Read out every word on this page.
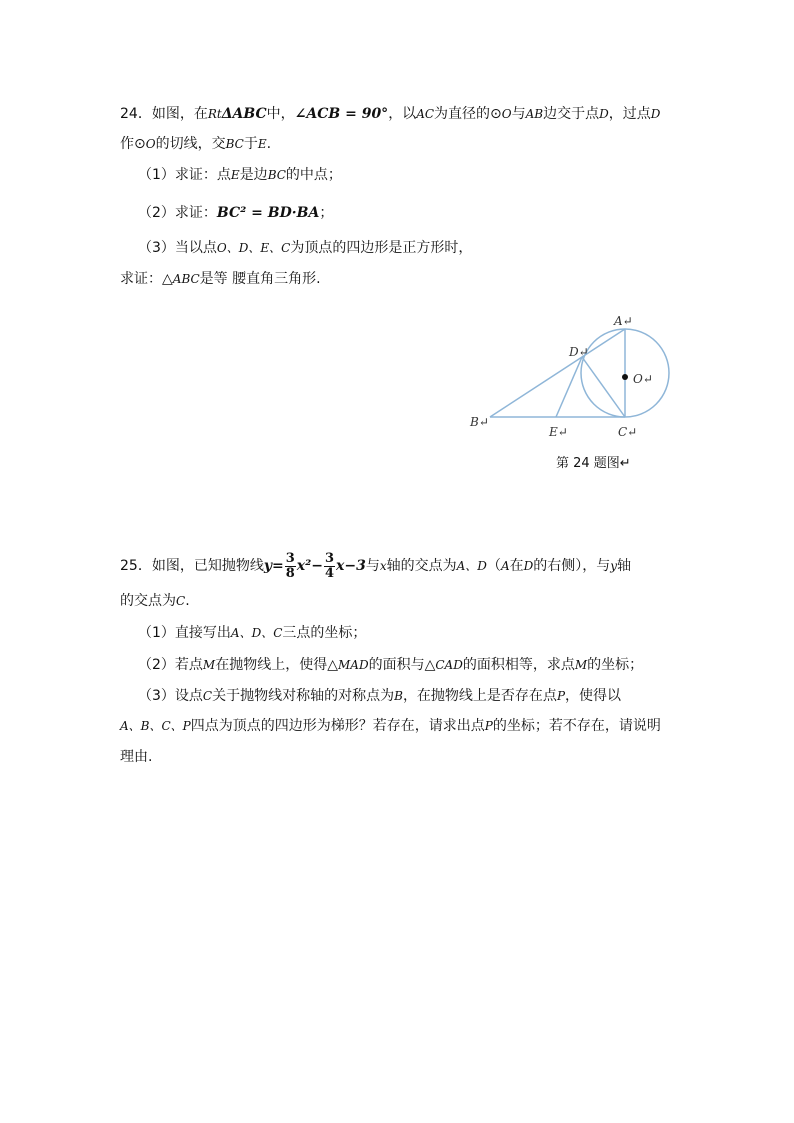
24．如图，在RtΔABC中，∠ACB = 90°，以AC为直径的⊙O与AB边交于点D，过点D
作⊙O的切线，交BC于E.
（1）求证：点E是边BC的中点；
（2）求证：BC² = BD·BA；
（3）当以点O、D、E、C为顶点的四边形是正方形时，
求证：△ABC是等 腰直角三角形.
A↵
D↵
O↵
B↵
E↵	C↵
第 24 题图↵
25．如图，已知抛物线$y= \frac{3}{8} x^2- \frac{3}{4} x-3$与x轴的交点为A、D（A在D的右侧），与y轴
的交点为C.
（1）直接写出A、D、C三点的坐标；
（2）若点M在抛物线上，使得△MAD的面积与△CAD的面积相等，求点M的坐标；
（3）设点C关于抛物线对称轴的对称点为B，在抛物线上是否存在点P，使得以
A、B、C、P四点为顶点的四边形为梯形？若存在，请求出点P的坐标；若不存在，请说明
理由.
